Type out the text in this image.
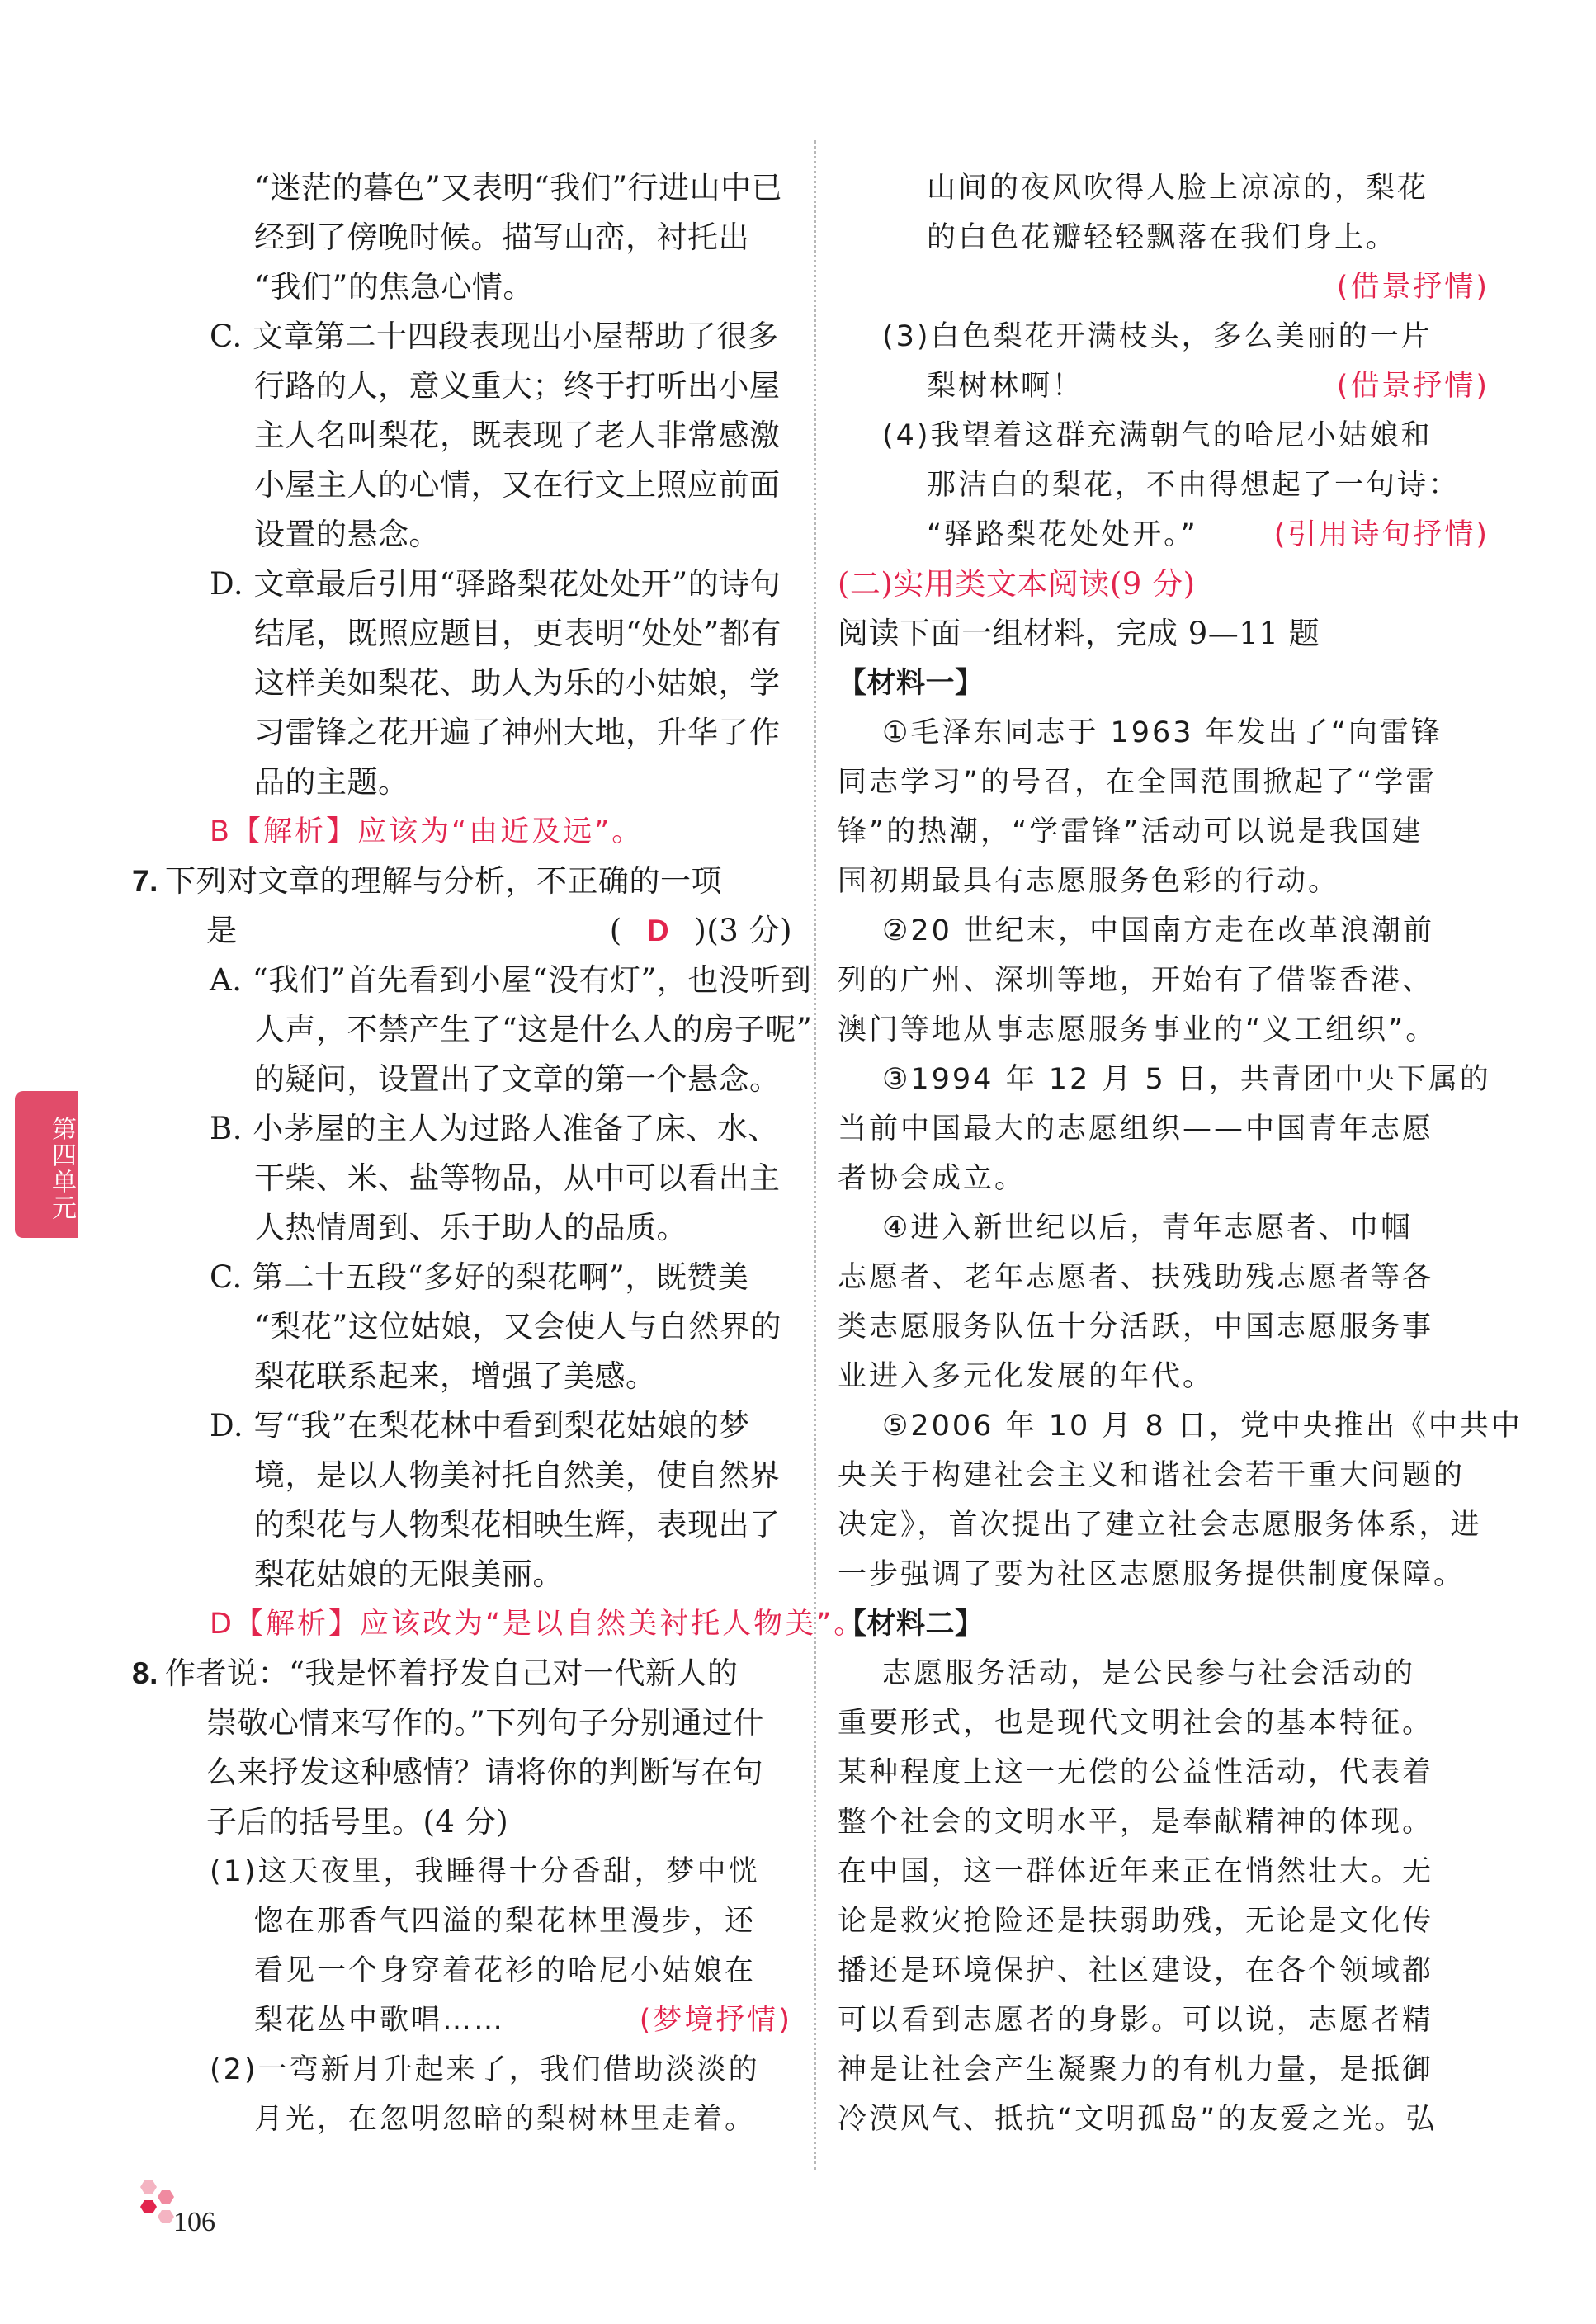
“迷茫的暮色”又表明“我们”行进山中已
经到了傍晚时候。描写山峦，衬托出
“我们”的焦急心情。
C. 文章第二十四段表现出小屋帮助了很多
行路的人，意义重大；终于打听出小屋
主人名叫梨花，既表现了老人非常感激
小屋主人的心情，又在行文上照应前面
设置的悬念。
D. 文章最后引用“驿路梨花处处开”的诗句
结尾，既照应题目，更表明“处处”都有
这样美如梨花、助人为乐的小姑娘，学
习雷锋之花开遍了神州大地，升华了作
品的主题。
B【解析】应该为“由近及远”。
7. 下列对文章的理解与分析，不正确的一项
是	( D )(3 分)
A. “我们”首先看到小屋“没有灯”，也没听到
人声，不禁产生了“这是什么人的房子呢”
的疑问，设置出了文章的第一个悬念。
B. 小茅屋的主人为过路人准备了床、水、
干柴、米、盐等物品，从中可以看出主
人热情周到、乐于助人的品质。
C. 第二十五段“多好的梨花啊”，既赞美
“梨花”这位姑娘，又会使人与自然界的
梨花联系起来，增强了美感。
D. 写“我”在梨花林中看到梨花姑娘的梦
境，是以人物美衬托自然美，使自然界
的梨花与人物梨花相映生辉，表现出了
梨花姑娘的无限美丽。
D【解析】应该改为“是以自然美衬托人物美”。
8. 作者说：“我是怀着抒发自己对一代新人的
崇敬心情来写作的。”下列句子分别通过什
么来抒发这种感情？请将你的判断写在句
子后的括号里。(4 分)
(1)这天夜里，我睡得十分香甜，梦中恍
惚在那香气四溢的梨花林里漫步，还
看见一个身穿着花衫的哈尼小姑娘在
梨花丛中歌唱……	(梦境抒情)
(2)一弯新月升起来了，我们借助淡淡的
月光，在忽明忽暗的梨树林里走着。
山间的夜风吹得人脸上凉凉的，梨花
的白色花瓣轻轻飘落在我们身上。
(借景抒情)
(3)白色梨花开满枝头，多么美丽的一片
梨树林啊！	(借景抒情)
(4)我望着这群充满朝气的哈尼小姑娘和
那洁白的梨花，不由得想起了一句诗：
“驿路梨花处处开。”	(引用诗句抒情)
(二)实用类文本阅读(9 分)
阅读下面一组材料，完成 9—11 题
【材料一】
①毛泽东同志于 1963 年发出了“向雷锋
同志学习”的号召，在全国范围掀起了“学雷
锋”的热潮，“学雷锋”活动可以说是我国建
国初期最具有志愿服务色彩的行动。
②20 世纪末，中国南方走在改革浪潮前
列的广州、深圳等地，开始有了借鉴香港、
澳门等地从事志愿服务事业的“义工组织”。
③1994 年 12 月 5 日，共青团中央下属的
当前中国最大的志愿组织——中国青年志愿
者协会成立。
④进入新世纪以后，青年志愿者、巾帼
志愿者、老年志愿者、扶残助残志愿者等各
类志愿服务队伍十分活跃，中国志愿服务事
业进入多元化发展的年代。
⑤2006 年 10 月 8 日，党中央推出《中共中
央关于构建社会主义和谐社会若干重大问题的
决定》，首次提出了建立社会志愿服务体系，进
一步强调了要为社区志愿服务提供制度保障。
【材料二】
志愿服务活动，是公民参与社会活动的
重要形式，也是现代文明社会的基本特征。
某种程度上这一无偿的公益性活动，代表着
整个社会的文明水平，是奉献精神的体现。
在中国，这一群体近年来正在悄然壮大。无
论是救灾抢险还是扶弱助残，无论是文化传
播还是环境保护、社区建设，在各个领域都
可以看到志愿者的身影。可以说，志愿者精
神是让社会产生凝聚力的有机力量，是抵御
冷漠风气、抵抗“文明孤岛”的友爱之光。弘
第四单元
106
